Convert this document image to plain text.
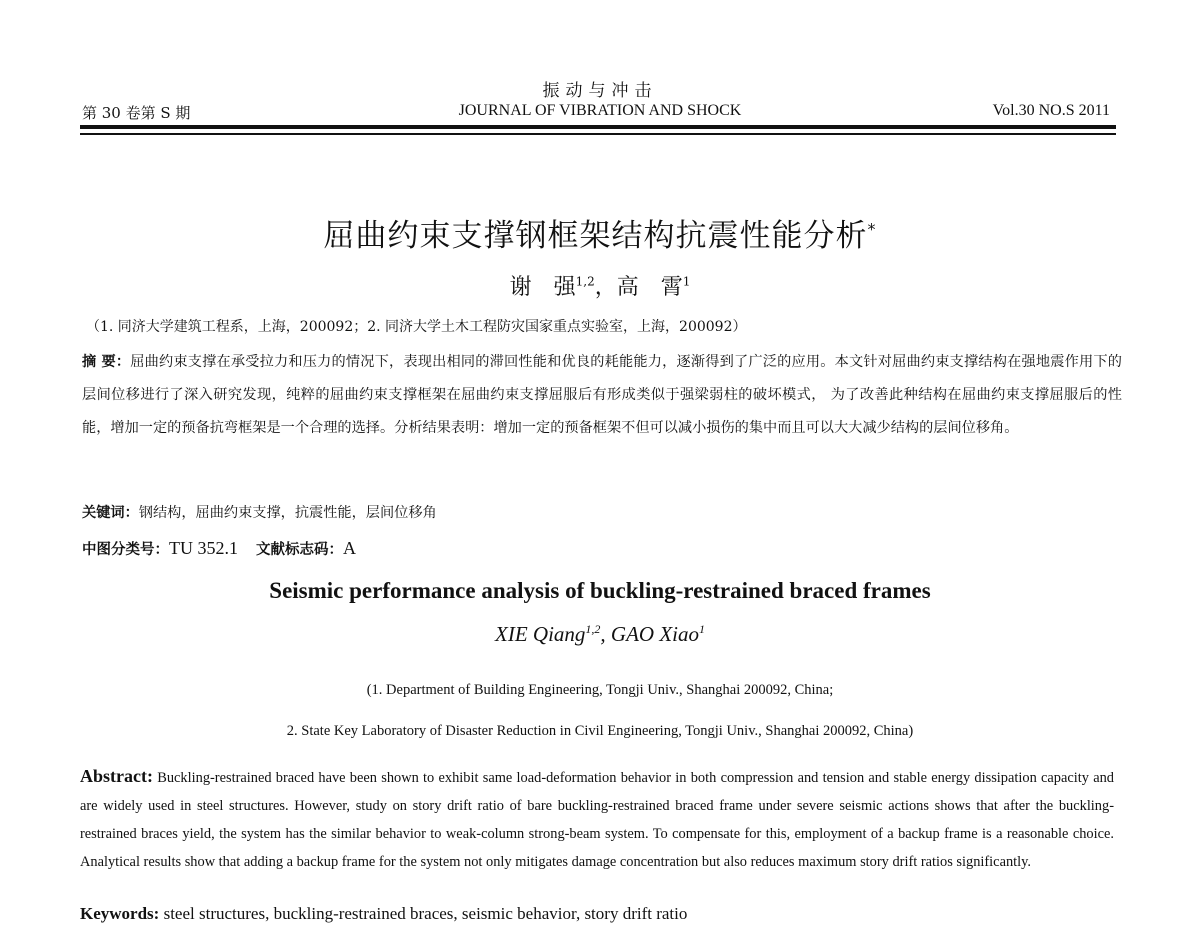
振动与冲击
第 30 卷第 S 期	JOURNAL OF VIBRATION AND SHOCK	Vol.30 NO.S 2011
屈曲约束支撑钢框架结构抗震性能分析*
谢　强$^{1,2}$，高　霄$^1$
（1. 同济大学建筑工程系，上海，200092；2. 同济大学土木工程防灾国家重点实验室，上海，200092）
摘 要：屈曲约束支撑在承受拉力和压力的情况下，表现出相同的滞回性能和优良的耗能能力，逐渐得到了广泛的应用。本文针对屈曲约束支撑结构在强地震作用下的层间位移进行了深入研究发现，纯粹的屈曲约束支撑框架在屈曲约束支撑屈服后有形成类似于强梁弱柱的破坏模式， 为了改善此种结构在屈曲约束支撑屈服后的性能，增加一定的预备抗弯框架是一个合理的选择。分析结果表明：增加一定的预备框架不但可以减小损伤的集中而且可以大大减少结构的层间位移角。
关键词：钢结构，屈曲约束支撑，抗震性能，层间位移角
中图分类号：TU 352.1 文献标志码：A
Seismic performance analysis of buckling-restrained braced frames
XIE Qiang$^{1,2}$, GAO Xiao$^1$
(1. Department of Building Engineering, Tongji Univ., Shanghai 200092, China;
2. State Key Laboratory of Disaster Reduction in Civil Engineering, Tongji Univ., Shanghai 200092, China)
Abstract: Buckling-restrained braced have been shown to exhibit same load-deformation behavior in both compression and tension and stable energy dissipation capacity and are widely used in steel structures. However, study on story drift ratio of bare buckling-restrained braced frame under severe seismic actions shows that after the buckling-restrained braces yield, the system has the similar behavior to weak-column strong-beam system. To compensate for this, employment of a backup frame is a reasonable choice. Analytical results show that adding a backup frame for the system not only mitigates damage concentration but also reduces maximum story drift ratios significantly.
Keywords: steel structures, buckling-restrained braces, seismic behavior, story drift ratio
